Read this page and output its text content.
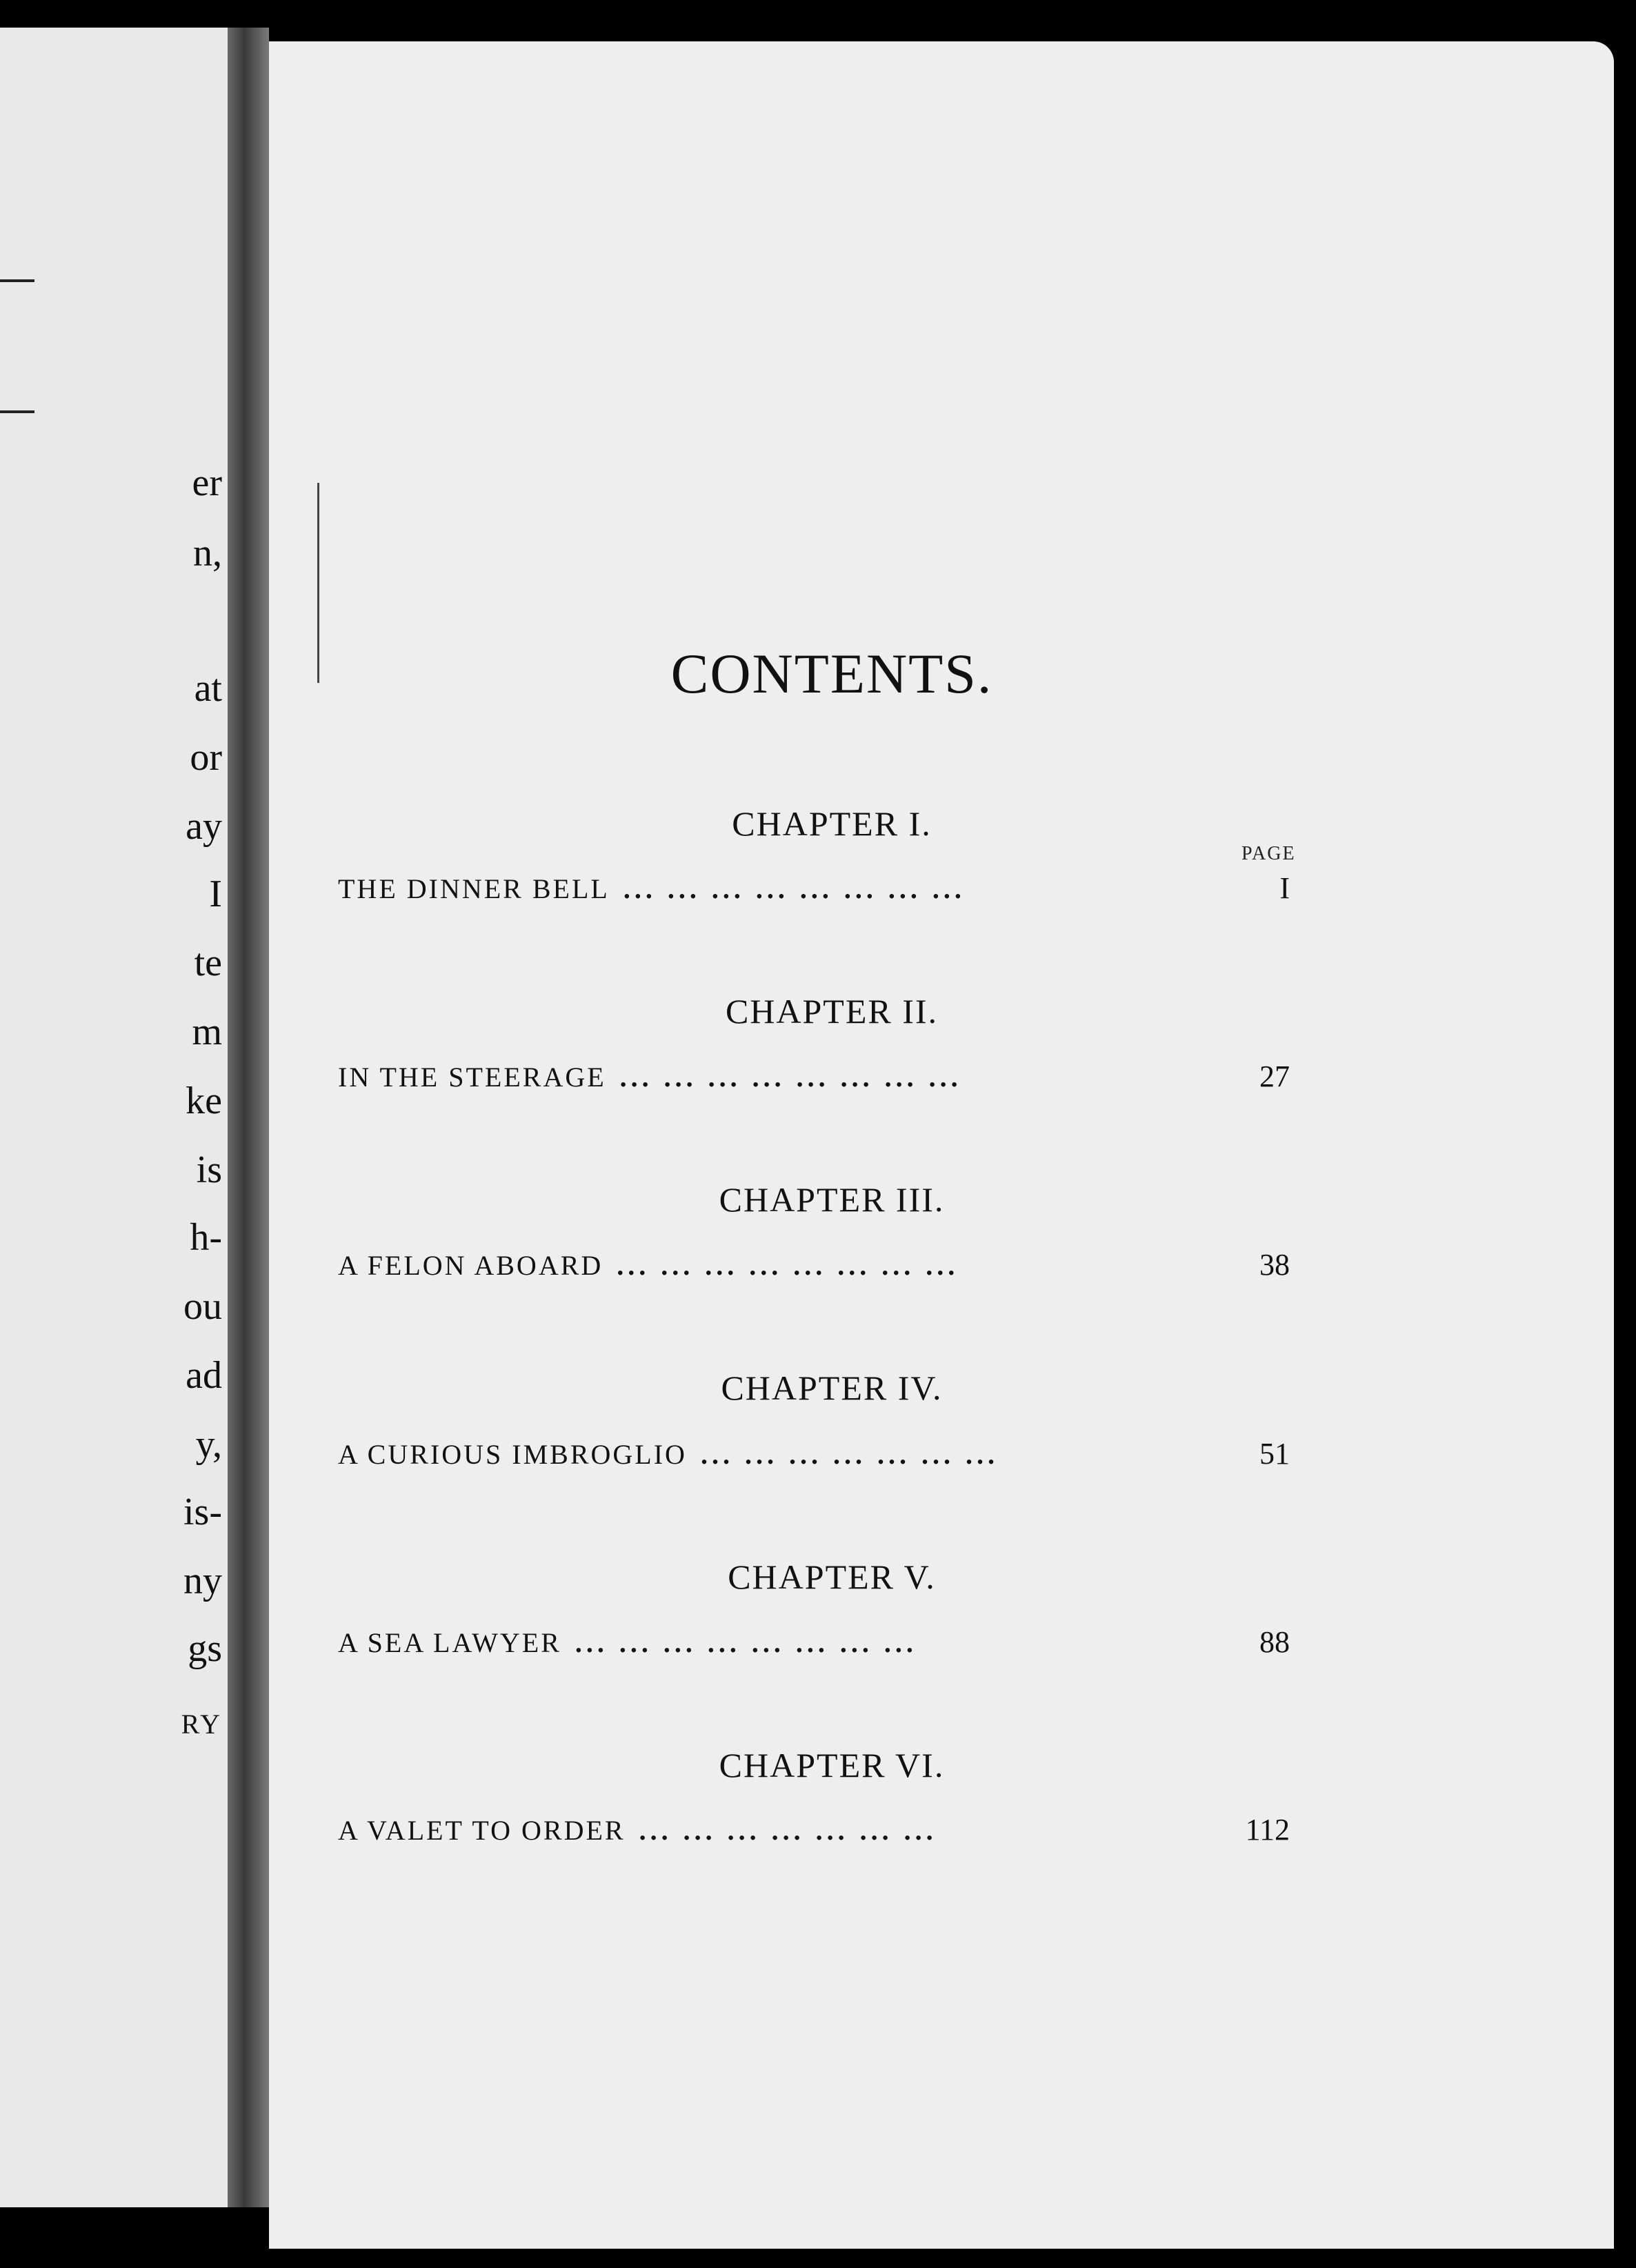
er
n,
at
or
ay
I
te
m
ke
is
h-
ou
ad
y,
is-
ny
gs
RY
CONTENTS.
PAGE
CHAPTER I.
THE DINNER BELL ... ... ... ... ... ... ... ...	I
CHAPTER II.
IN THE STEERAGE ... ... ... ... ... ... ... ...	27
CHAPTER III.
A FELON ABOARD ... ... ... ... ... ... ... ...	38
CHAPTER IV.
A CURIOUS IMBROGLIO ... ... ... ... ... ... ...	51
CHAPTER V.
A SEA LAWYER ... ... ... ... ... ... ... ...	88
CHAPTER VI.
A VALET TO ORDER ... ... ... ... ... ... ...	112
